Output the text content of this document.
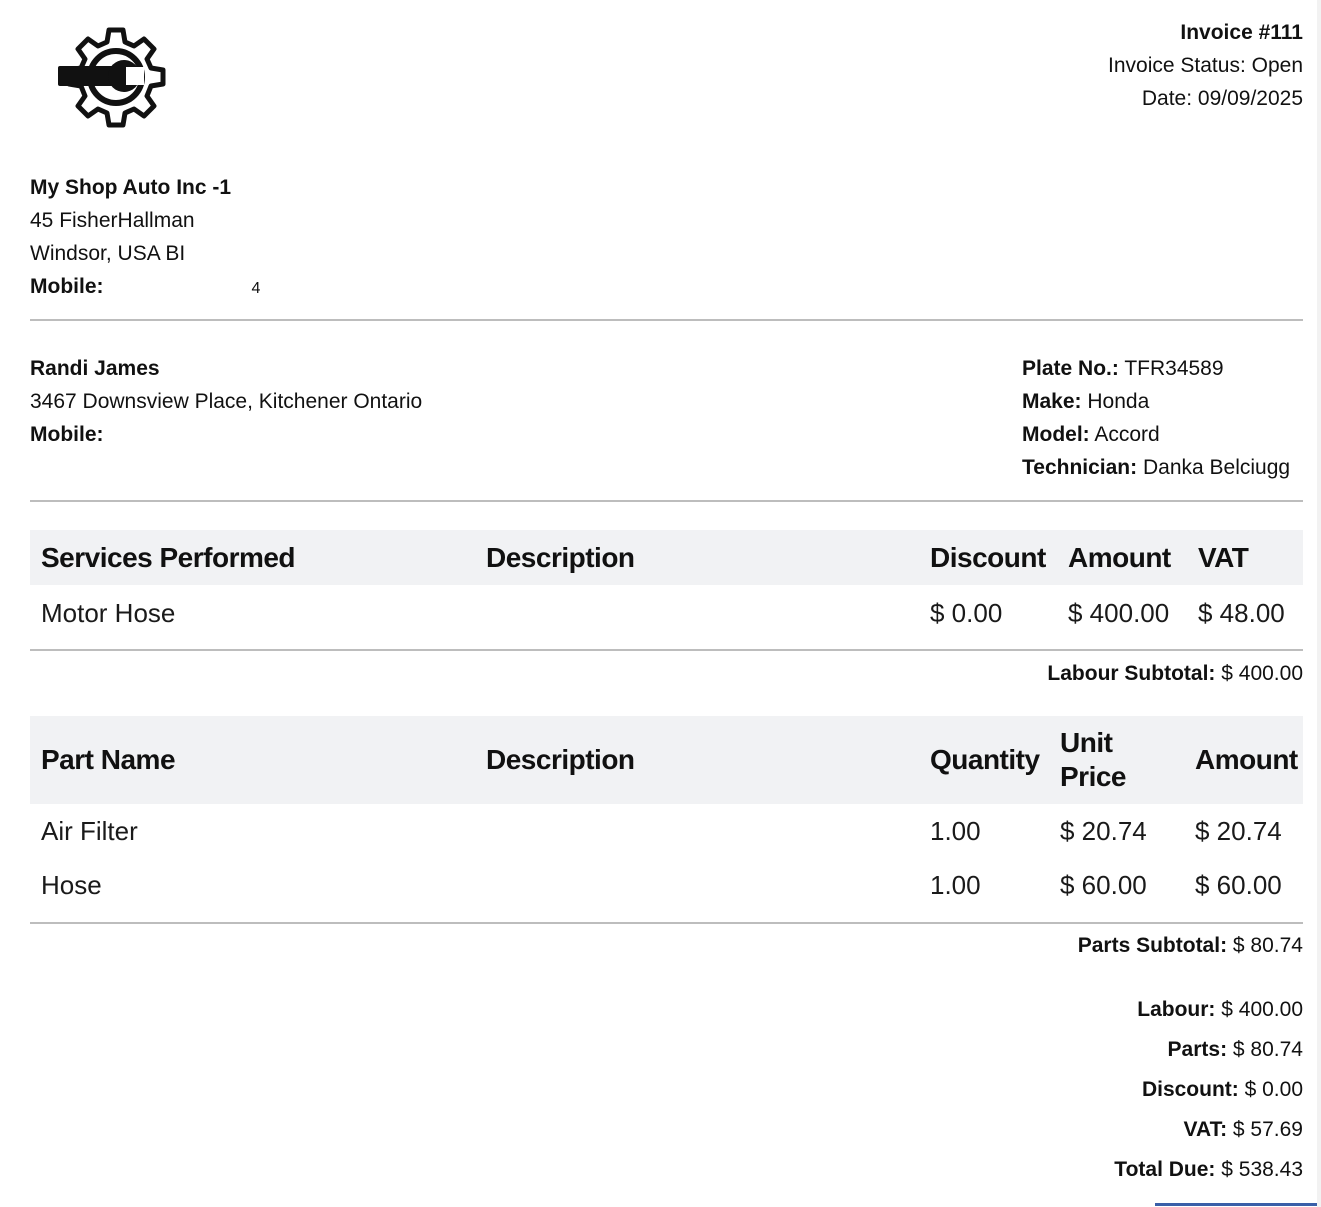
Invoice #111
Invoice Status: Open
Date: 09/09/2025
My Shop Auto Inc -1
45 FisherHallman
Windsor, USA BI
Mobile:	4
Randi James
3467 Downsview Place, Kitchener Ontario
Mobile:
Plate No.: TFR34589
Make: Honda
Model: Accord
Technician: Danka Belciugg
Services Performed	Description	Discount	Amount	VAT
Motor Hose		$ 0.00	$ 400.00	$ 48.00
Labour Subtotal: $ 400.00
Part Name	Description	Quantity	Unit Price	Amount
Air Filter		1.00	$ 20.74	$ 20.74
Hose		1.00	$ 60.00	$ 60.00
Parts Subtotal: $ 80.74
Labour: $ 400.00
Parts: $ 80.74
Discount: $ 0.00
VAT: $ 57.69
Total Due: $ 538.43
